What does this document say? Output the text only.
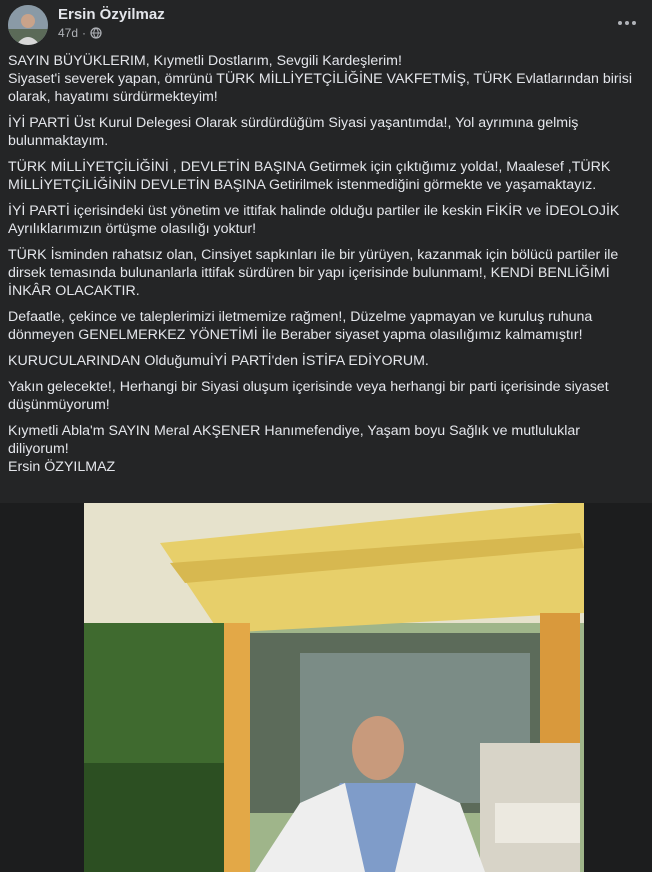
Ersin Özyilmaz
47d ·

SAYIN BÜYÜKLERIM, Kıymetli Dostlarım, Sevgili Kardeşlerim!
Siyaset'i severek yapan, ömrünü TÜRK MİLLİYETÇİLİĞİNE VAKFETMİŞ, TÜRK Evlatlarından birisi olarak, hayatımı sürdürmekteyim!

İYİ PARTİ Üst Kurul Delegesi Olarak sürdürdüğüm Siyasi yaşantımda!, Yol ayrımına gelmiş bulunmaktayım.

TÜRK MİLLİYETÇİLİĞİNİ , DEVLETİN BAŞINA Getirmek için çıktığımız yolda!, Maalesef ,TÜRK MİLLİYETÇİLİĞİNİN DEVLETİN BAŞINA Getirilmek istenmediğini görmekte ve yaşamaktayız.

İYİ PARTİ içerisindeki üst yönetim ve ittifak halinde olduğu partiler ile keskin FİKİR ve İDEOLOJİK Ayrılıklarımızın örtüşme olasılığı yoktur!

TÜRK İsminden rahatsız olan, Cinsiyet sapkınları ile bir yürüyen, kazanmak için bölücü partiler ile dirsek temasında bulunanlarla ittifak sürdüren bir yapı içerisinde bulunmam!, KENDİ BENLİĞİMİ İNKÂR OLACAKTIR.

Defaatle, çekince ve taleplerimizi iletmemize rağmen!, Düzelme yapmayan ve kuruluş ruhuna dönmeyen GENELMERKEZ YÖNETİMİ İle Beraber siyaset yapma olasılığımız kalmamıştır!

KURUCULARINDAN OlduğumuİYİ PARTİ'den İSTİFA EDİYORUM.

Yakın gelecekte!, Herhangi bir Siyasi oluşum içerisinde veya herhangi bir parti içerisinde siyaset düşünmüyorum!

Kıymetli Abla'm SAYIN Meral AKŞENER Hanımefendiye, Yaşam boyu Sağlık ve mutluluklar diliyorum!
Ersin ÖZYILMAZ
